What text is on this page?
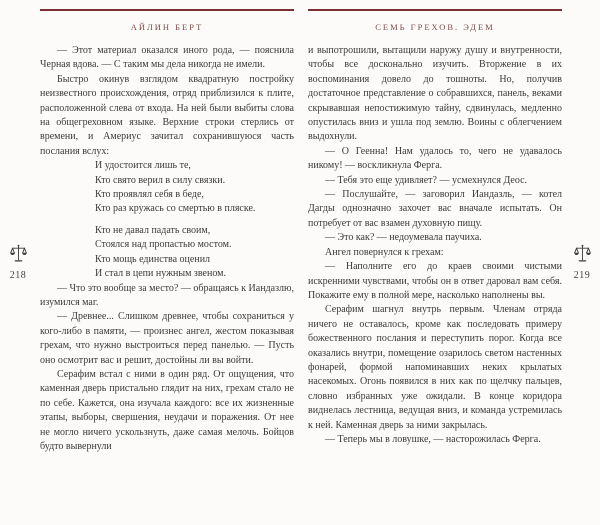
218
АЙЛИН БЕРТ

— Этот материал оказался иного рода, — пояснила Черная вдова. — С таким мы дела никогда не имели.

Быстро окинув взглядом квадратную постройку неизвестного происхождения, отряд приблизился к плите, расположенной слева от входа. На ней были выбиты слова на общегреховном языке. Верхние строки стерлись от времени, и Америус зачитал сохранившуюся часть послания вслух:

И удостоится лишь те,
Кто свято верил в силу связки.
Кто проявлял себя в беде,
Кто раз кружась со смертью в пляске.
Кто не давал падать своим,
Стоялся над пропастью мостом.
Кто мощь единства оценил
И стал в цепи нужным звеном.

— Что это вообще за место? — обращаясь к Иандазлю, изумился маг.

— Древнее... Слишком древнее, чтобы сохраниться у кого-либо в памяти, — произнес ангел, жестом показывая грехам, что нужно выстроиться перед панелью. — Пусть оно осмотрит вас и решит, достойны ли вы войти.

Серафим встал с ними в один ряд. От ощущения, что каменная дверь пристально глядит на них, грехам стало не по себе. Кажется, она изучала каждого: все их жизненные этапы, выборы, свершения, неудачи и поражения. От нее не могло ничего ускользнуть, даже самая мелочь. Бойцов будто вывернули

СЕМЬ ГРЕХОВ. ЭДЕМ

и выпотрошили, вытащили наружу душу и внутренности, чтобы все досконально изучить. Вторжение в их воспоминания довело до тошноты. Но, получив достаточное представление о собравшихся, панель, веками скрывавшая непостижимую тайну, сдвинулась, медленно опустилась вниз и ушла под землю. Воины с облегчением выдохнули.

— О Геенна! Нам удалось то, чего не удавалось никому! — воскликнула Ферга.

— Тебя это еще удивляет? — усмехнулся Деос.

— Послушайте, — заговорил Иандазль, — котел Дагды однозначно захочет вас вначале испытать. Он потребует от вас взамен духовную пищу.

— Это как? — недоумевала паучиха.

Ангел повернулся к грехам:

— Наполните его до краев своими чистыми искренними чувствами, чтобы он в ответ даровал вам себя. Покажите ему в полной мере, насколько наполнены вы.

Серафим шагнул внутрь первым. Членам отряда ничего не оставалось, кроме как последовать примеру божественного послания и переступить порог. Когда все оказались внутри, помещение озарилось светом настенных фонарей, формой напоминавших неких крылатых насекомых. Огонь появился в них как по щелчку пальцев, словно избранных уже ожидали. В конце коридора виднелась лестница, ведущая вниз, и команда устремилась к ней. Каменная дверь за ними закрылась.

— Теперь мы в ловушке, — насторожилась Ферга.

219
